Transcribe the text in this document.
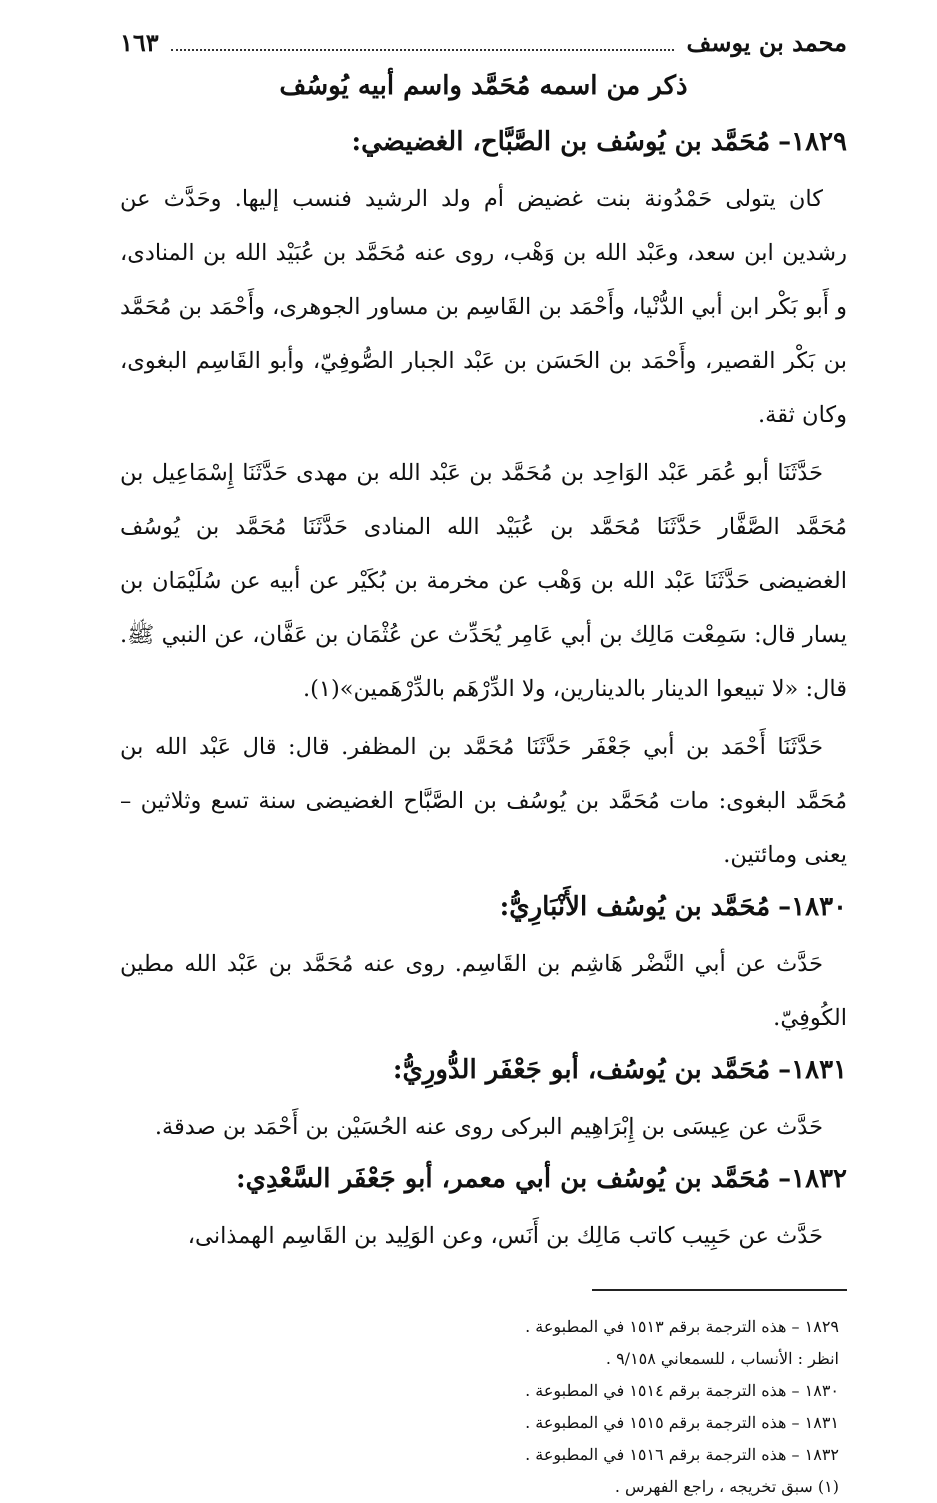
محمد بن يوسف
١٦٣
ذكر من اسمه مُحَمَّد واسم أبيه يُوسُف
١٨٢٩–مُحَمَّد بن يُوسُف بن الصَّبَّاح، الغضيضي:

كان يتولى حَمْدُونة بنت غضيض أم ولد الرشيد فنسب إليها. وحَدَّث عن رشدين ابن سعد، وعَبْد الله بن وَهْب، روى عنه مُحَمَّد بن عُبَيْد الله بن المنادى، و أَبو بَكْر ابن أبي الدُّنْيا، وأَحْمَد بن القَاسِم بن مساور الجوهرى، وأَحْمَد بن مُحَمَّد بن بَكْر القصير، وأَحْمَد بن الحَسَن بن عَبْد الجبار الصُّوفِيّ، وأبو القَاسِم البغوى، وكان ثقة.

حَدَّثَنَا أبو عُمَر عَبْد الوَاحِد بن مُحَمَّد بن عَبْد الله بن مهدى حَدَّثَنَا إِسْمَاعِيل بن مُحَمَّد الصَّفَّار حَدَّثَنَا مُحَمَّد بن عُبَيْد الله المنادى حَدَّثَنَا مُحَمَّد بن يُوسُف الغضيضى حَدَّثَنَا عَبْد الله بن وَهْب عن مخرمة بن بُكَيْر عن أبيه عن سُلَيْمَان بن يسار قال: سَمِعْت مَالِك بن أبي عَامِر يُحَدِّث عن عُثْمَان بن عَفَّان، عن النبي ﷺ. قال: «لا تبيعوا الدينار بالدينارين، ولا الدِّرْهَم بالدِّرْهَمين»(١).

حَدَّثَنَا أَحْمَد بن أبي جَعْفَر حَدَّثَنَا مُحَمَّد بن المظفر. قال: قال عَبْد الله بن مُحَمَّد البغوى: مات مُحَمَّد بن يُوسُف بن الصَّبَّاح الغضيضى سنة تسع وثلاثين – يعنى ومائتين.

١٨٣٠–مُحَمَّد بن يُوسُف الأَنْبَارِيُّ:

حَدَّث عن أبي النَّضْر هَاشِم بن القَاسِم. روى عنه مُحَمَّد بن عَبْد الله مطين الكُوفِيّ.

١٨٣١–مُحَمَّد بن يُوسُف، أبو جَعْفَر الدُّورِيُّ:

حَدَّث عن عِيسَى بن إِبْرَاهِيم البركى روى عنه الحُسَيْن بن أَحْمَد بن صدقة.

١٨٣٢–مُحَمَّد بن يُوسُف بن أبي معمر، أبو جَعْفَر السَّعْدِي:

حَدَّث عن حَبِيب كاتب مَالِك بن أَنَس، وعن الوَلِيد بن القَاسِم الهمذانى،

١٨٢٩ – هذه الترجمة برقم ١٥١٣ في المطبوعة .
انظر : الأنساب ، للسمعاني ٩/١٥٨ .
١٨٣٠ – هذه الترجمة برقم ١٥١٤ في المطبوعة .
١٨٣١ – هذه الترجمة برقم ١٥١٥ في المطبوعة .
١٨٣٢ – هذه الترجمة برقم ١٥١٦ في المطبوعة .
(١) سبق تخريجه ، راجع الفهرس .
